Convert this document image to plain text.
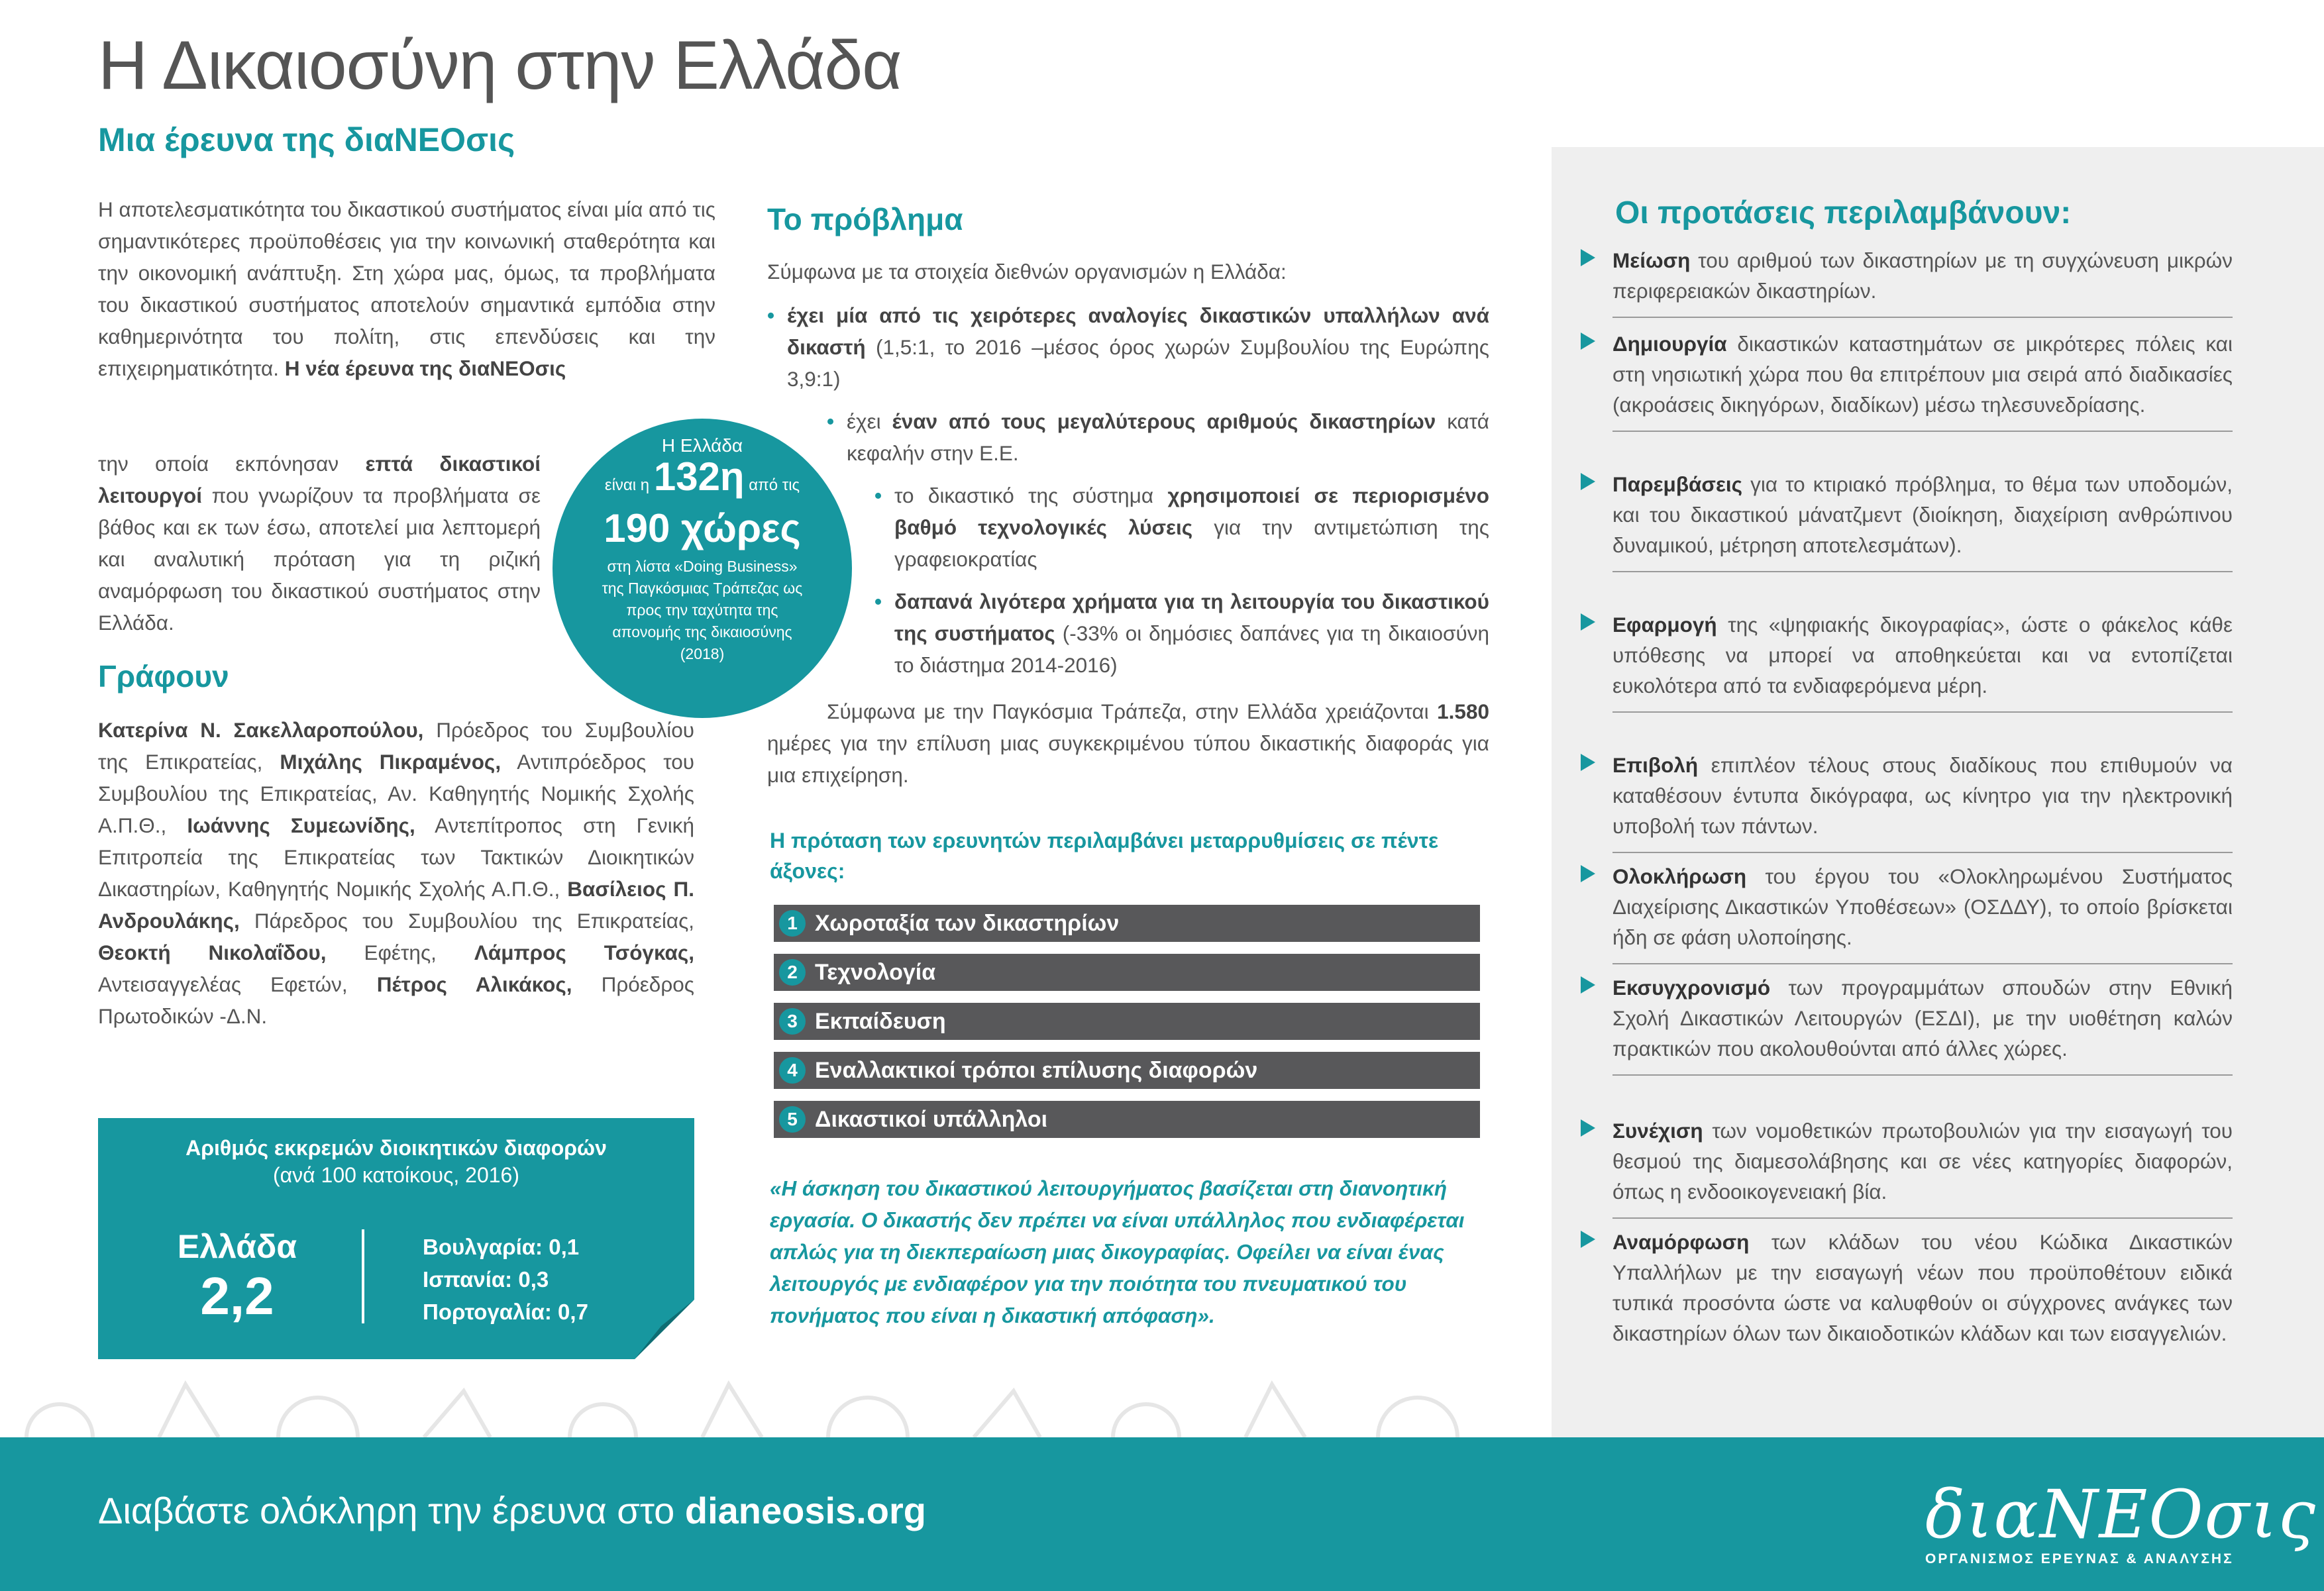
Η Δικαιοσύνη στην Ελλάδα
Μια έρευνα της διαΝΕΟσις
Η αποτελεσματικότητα του δικαστικού συστήματος είναι μία από τις σημαντικότερες προϋποθέσεις για την κοινωνική σταθερότητα και την οικονομική ανάπτυξη. Στη χώρα μας, όμως, τα προβλήματα του δικαστικού συστήματος αποτελούν σημαντικά εμπόδια στην καθημερινότητα του πολίτη, στις επενδύσεις και την επιχειρηματικότητα. Η νέα έρευνα της διαΝΕΟσις
την οποία εκπόνησαν επτά δικαστικοί λειτουργοί που γνωρίζουν τα προβλήματα σε βάθος και εκ των έσω, αποτελεί μια λεπτομερή και αναλυτική πρόταση για τη ριζική αναμόρφωση του δικαστικού συστήματος στην Ελλάδα.
Η Ελλάδα
είναι η 132η από τις
190 χώρες
στη λίστα «Doing Business» της Παγκόσμιας Τράπεζας ως προς την ταχύτητα της απονομής της δικαιοσύνης (2018)
Γράφουν
Κατερίνα Ν. Σακελλαροπούλου, Πρόεδρος του Συμβουλίου της Επικρατείας, Μιχάλης Πικραμένος, Αντιπρόεδρος του Συμβουλίου της Επικρατείας, Αν. Καθηγητής Νομικής Σχολής Α.Π.Θ., Ιωάννης Συμεωνίδης, Αντεπίτροπος στη Γενική Επιτροπεία της Επικρατείας των Τακτικών Διοικητικών Δικαστηρίων, Καθηγητής Νομικής Σχολής Α.Π.Θ., Βασίλειος Π. Ανδρουλάκης, Πάρεδρος του Συμβουλίου της Επικρατείας, Θεοκτή Νικολαΐδου, Εφέτης, Λάμπρος Τσόγκας, Αντεισαγγελέας Εφετών, Πέτρος Αλικάκος, Πρόεδρος Πρωτοδικών -Δ.Ν.
Αριθμός εκκρεμών διοικητικών διαφορών
(ανά 100 κατοίκους, 2016)
Ελλάδα
2,2
Βουλγαρία: 0,1
Ισπανία: 0,3
Πορτογαλία: 0,7
Το πρόβλημα
Σύμφωνα με τα στοιχεία διεθνών οργανισμών η Ελλάδα:
• έχει μία από τις χειρότερες αναλογίες δικαστικών υπαλλήλων ανά δικαστή (1,5:1, το 2016 –μέσος όρος χωρών Συμβουλίου της Ευρώπης 3,9:1)
• έχει έναν από τους μεγαλύτερους αριθμούς δικαστηρίων κατά κεφαλήν στην Ε.Ε.
• το δικαστικό της σύστημα χρησιμοποιεί σε περιορισμένο βαθμό τεχνολογικές λύσεις για την αντιμετώπιση της γραφειοκρατίας
• δαπανά λιγότερα χρήματα για τη λειτουργία του δικαστικού της συστήματος (-33% οι δημόσιες δαπάνες για τη δικαιοσύνη το διάστημα 2014-2016)
Σύμφωνα με την Παγκόσμια Τράπεζα, στην Ελλάδα χρειάζονται 1.580 ημέρες για την επίλυση μιας συγκεκριμένου τύπου δικαστικής διαφοράς για μια επιχείρηση.
Η πρόταση των ερευνητών περιλαμβάνει μεταρρυθμίσεις σε πέντε άξονες:
1 Χωροταξία των δικαστηρίων
2 Τεχνολογία
3 Εκπαίδευση
4 Εναλλακτικοί τρόποι επίλυσης διαφορών
5 Δικαστικοί υπάλληλοι
«Η άσκηση του δικαστικού λειτουργήματος βασίζεται στη διανοητική εργασία. Ο δικαστής δεν πρέπει να είναι υπάλληλος που ενδιαφέρεται απλώς για τη διεκπεραίωση μιας δικογραφίας. Οφείλει να είναι ένας λειτουργός με ενδιαφέρον για την ποιότητα του πνευματικού του πονήματος που είναι η δικαστική απόφαση».
Οι προτάσεις περιλαμβάνουν:

Μείωση του αριθμού των δικαστηρίων με τη συγχώνευση μικρών περιφερειακών δικαστηρίων.

Δημιουργία δικαστικών καταστημάτων σε μικρότερες πόλεις και στη νησιωτική χώρα που θα επιτρέπουν μια σειρά από διαδικασίες (ακροάσεις δικηγόρων, διαδίκων) μέσω τηλεσυνεδρίασης.

Παρεμβάσεις για το κτιριακό πρόβλημα, το θέμα των υποδομών, και του δικαστικού μάνατζμεντ (διοίκηση, διαχείριση ανθρώπινου δυναμικού, μέτρηση αποτελεσμάτων).

Εφαρμογή της «ψηφιακής δικογραφίας», ώστε ο φάκελος κάθε υπόθεσης να μπορεί να αποθηκεύεται και να εντοπίζεται ευκολότερα από τα ενδιαφερόμενα μέρη.

Επιβολή επιπλέον τέλους στους διαδίκους που επιθυμούν να καταθέσουν έντυπα δικόγραφα, ως κίνητρο για την ηλεκτρονική υποβολή των πάντων.

Ολοκλήρωση του έργου του «Ολοκληρωμένου Συστήματος Διαχείρισης Δικαστικών Υποθέσεων» (ΟΣΔΔΥ), το οποίο βρίσκεται ήδη σε φάση υλοποίησης.

Εκσυγχρονισμό των προγραμμάτων σπουδών στην Εθνική Σχολή Δικαστικών Λειτουργών (ΕΣΔΙ), με την υιοθέτηση καλών πρακτικών που ακολουθούνται από άλλες χώρες.

Συνέχιση των νομοθετικών πρωτοβουλιών για την εισαγωγή του θεσμού της διαμεσολάβησης και σε νέες κατηγορίες διαφορών, όπως η ενδοοικογενειακή βία.

Αναμόρφωση των κλάδων του νέου Κώδικα Δικαστικών Υπαλλήλων με την εισαγωγή νέων που προϋποθέτουν ειδικά τυπικά προσόντα ώστε να καλυφθούν οι σύγχρονες ανάγκες των δικαστηρίων όλων των δικαιοδοτικών κλάδων και των εισαγγελιών.

Διαβάστε ολόκληρη την έρευνα στο dianeosis.org	διαΝΕΟσις
ΟΡΓΑΝΙΣΜΟΣ ΕΡΕΥΝΑΣ & ΑΝΑΛΥΣΗΣ
